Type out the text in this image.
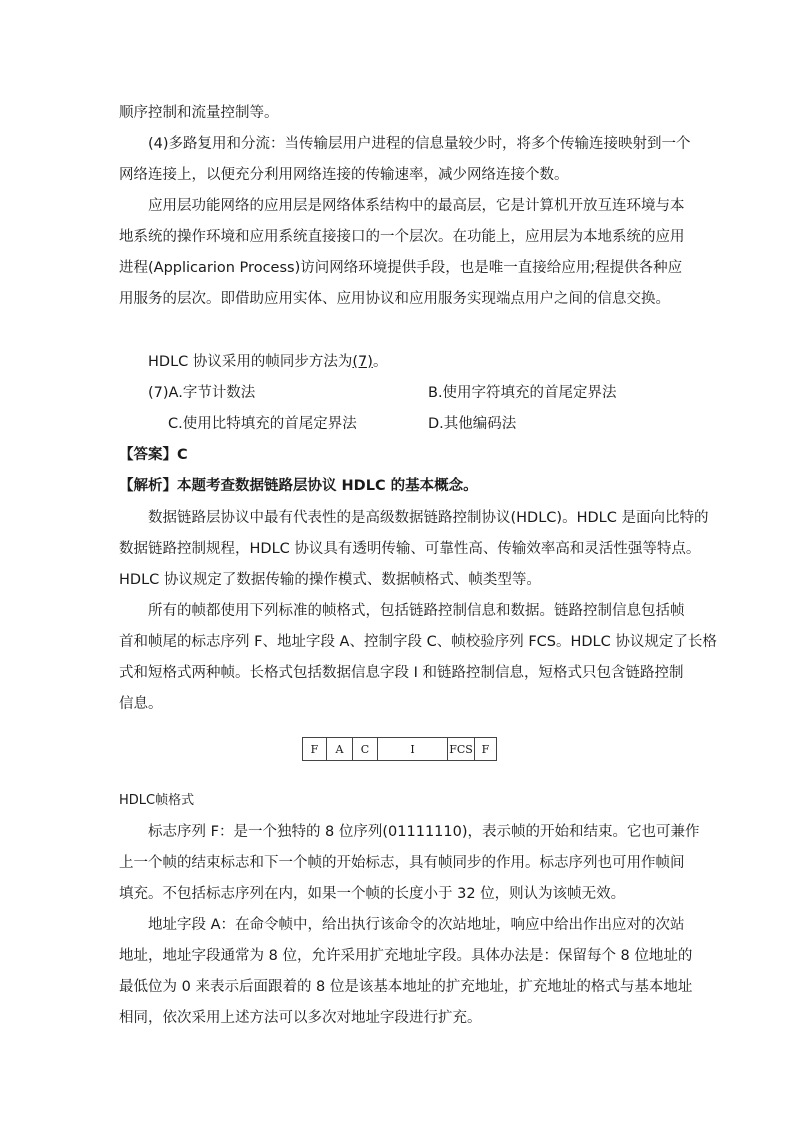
顺序控制和流量控制等。
(4)多路复用和分流：当传输层用户进程的信息量较少时，将多个传输连接映射到一个
网络连接上，以便充分利用网络连接的传输速率，减少网络连接个数。
应用层功能网络的应用层是网络体系结构中的最高层，它是计算机开放互连环境与本
地系统的操作环境和应用系统直接接口的一个层次。在功能上，应用层为本地系统的应用
进程(Applicarion Process)访问网络环境提供手段，也是唯一直接给应用;程提供各种应
用服务的层次。即借助应用实体、应用协议和应用服务实现端点用户之间的信息交换。
HDLC 协议采用的帧同步方法为(7)。
(7)A.字节计数法	B.使用字符填充的首尾定界法
C.使用比特填充的首尾定界法	D.其他编码法
【答案】C
【解析】本题考查数据链路层协议 HDLC 的基本概念。
数据链路层协议中最有代表性的是高级数据链路控制协议(HDLC)。HDLC 是面向比特的
数据链路控制规程，HDLC 协议具有透明传输、可靠性高、传输效率高和灵活性强等特点。
HDLC 协议规定了数据传输的操作模式、数据帧格式、帧类型等。
所有的帧都使用下列标准的帧格式，包括链路控制信息和数据。链路控制信息包括帧
首和帧尾的标志序列 F、地址字段 A、控制字段 C、帧校验序列 FCS。HDLC 协议规定了长格
式和短格式两种帧。长格式包括数据信息字段 I 和链路控制信息，短格式只包含链路控制
信息。
F	A	C	I	FCS F
HDLC帧格式
标志序列 F：是一个独特的 8 位序列(01111110)，表示帧的开始和结束。它也可兼作
上一个帧的结束标志和下一个帧的开始标志，具有帧同步的作用。标志序列也可用作帧间
填充。不包括标志序列在内，如果一个帧的长度小于 32 位，则认为该帧无效。
地址字段 A：在命令帧中，给出执行该命令的次站地址，响应中给出作出应对的次站
地址，地址字段通常为 8 位，允许采用扩充地址字段。具体办法是：保留每个 8 位地址的
最低位为 0 来表示后面跟着的 8 位是该基本地址的扩充地址，扩充地址的格式与基本地址
相同，依次采用上述方法可以多次对地址字段进行扩充。
